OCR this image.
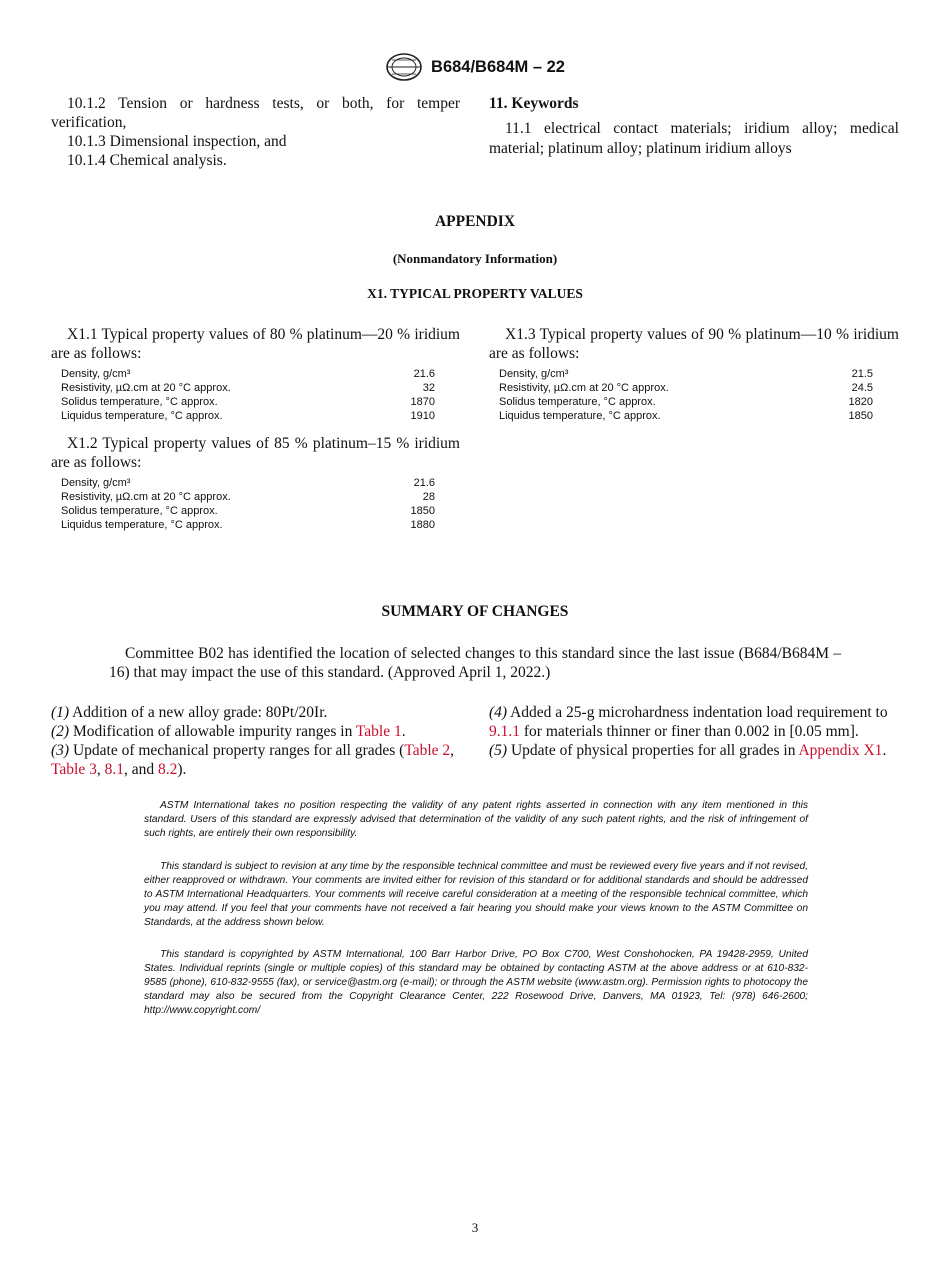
B684/B684M – 22
10.1.2 Tension or hardness tests, or both, for temper verification,
10.1.3 Dimensional inspection, and
10.1.4 Chemical analysis.
11. Keywords
11.1 electrical contact materials; iridium alloy; medical material; platinum alloy; platinum iridium alloys
APPENDIX
(Nonmandatory Information)
X1. TYPICAL PROPERTY VALUES
X1.1 Typical property values of 80 % platinum—20 % iridium are as follows:
Density, g/cm³	21.6
Resistivity, µΩ.cm at 20 °C approx.	32
Solidus temperature, °C approx.	1870
Liquidus temperature, °C approx.	1910
X1.2 Typical property values of 85 % platinum–15 % iridium are as follows:
Density, g/cm³	21.6
Resistivity, µΩ.cm at 20 °C approx.	28
Solidus temperature, °C approx.	1850
Liquidus temperature, °C approx.	1880
X1.3 Typical property values of 90 % platinum—10 % iridium are as follows:
Density, g/cm³	21.5
Resistivity, µΩ.cm at 20 °C approx.	24.5
Solidus temperature, °C approx.	1820
Liquidus temperature, °C approx.	1850
SUMMARY OF CHANGES
Committee B02 has identified the location of selected changes to this standard since the last issue (B684/B684M – 16) that may impact the use of this standard. (Approved April 1, 2022.)

(1) Addition of a new alloy grade: 80Pt/20Ir.

(2) Modification of allowable impurity ranges in Table 1.

(3) Update of mechanical property ranges for all grades (Table 2, Table 3, 8.1, and 8.2).

(4) Added a 25-g microhardness indentation load requirement to 9.1.1 for materials thinner or finer than 0.002 in [0.05 mm].

(5) Update of physical properties for all grades in Appendix X1.

ASTM International takes no position respecting the validity of any patent rights asserted in connection with any item mentioned in this standard. Users of this standard are expressly advised that determination of the validity of any such patent rights, and the risk of infringement of such rights, are entirely their own responsibility.

This standard is subject to revision at any time by the responsible technical committee and must be reviewed every five years and if not revised, either reapproved or withdrawn. Your comments are invited either for revision of this standard or for additional standards and should be addressed to ASTM International Headquarters. Your comments will receive careful consideration at a meeting of the responsible technical committee, which you may attend. If you feel that your comments have not received a fair hearing you should make your views known to the ASTM Committee on Standards, at the address shown below.

This standard is copyrighted by ASTM International, 100 Barr Harbor Drive, PO Box C700, West Conshohocken, PA 19428-2959, United States. Individual reprints (single or multiple copies) of this standard may be obtained by contacting ASTM at the above address or at 610-832-9585 (phone), 610-832-9555 (fax), or service@astm.org (e-mail); or through the ASTM website (www.astm.org). Permission rights to photocopy the standard may also be secured from the Copyright Clearance Center, 222 Rosewood Drive, Danvers, MA 01923, Tel: (978) 646-2600; http://www.copyright.com/

3
